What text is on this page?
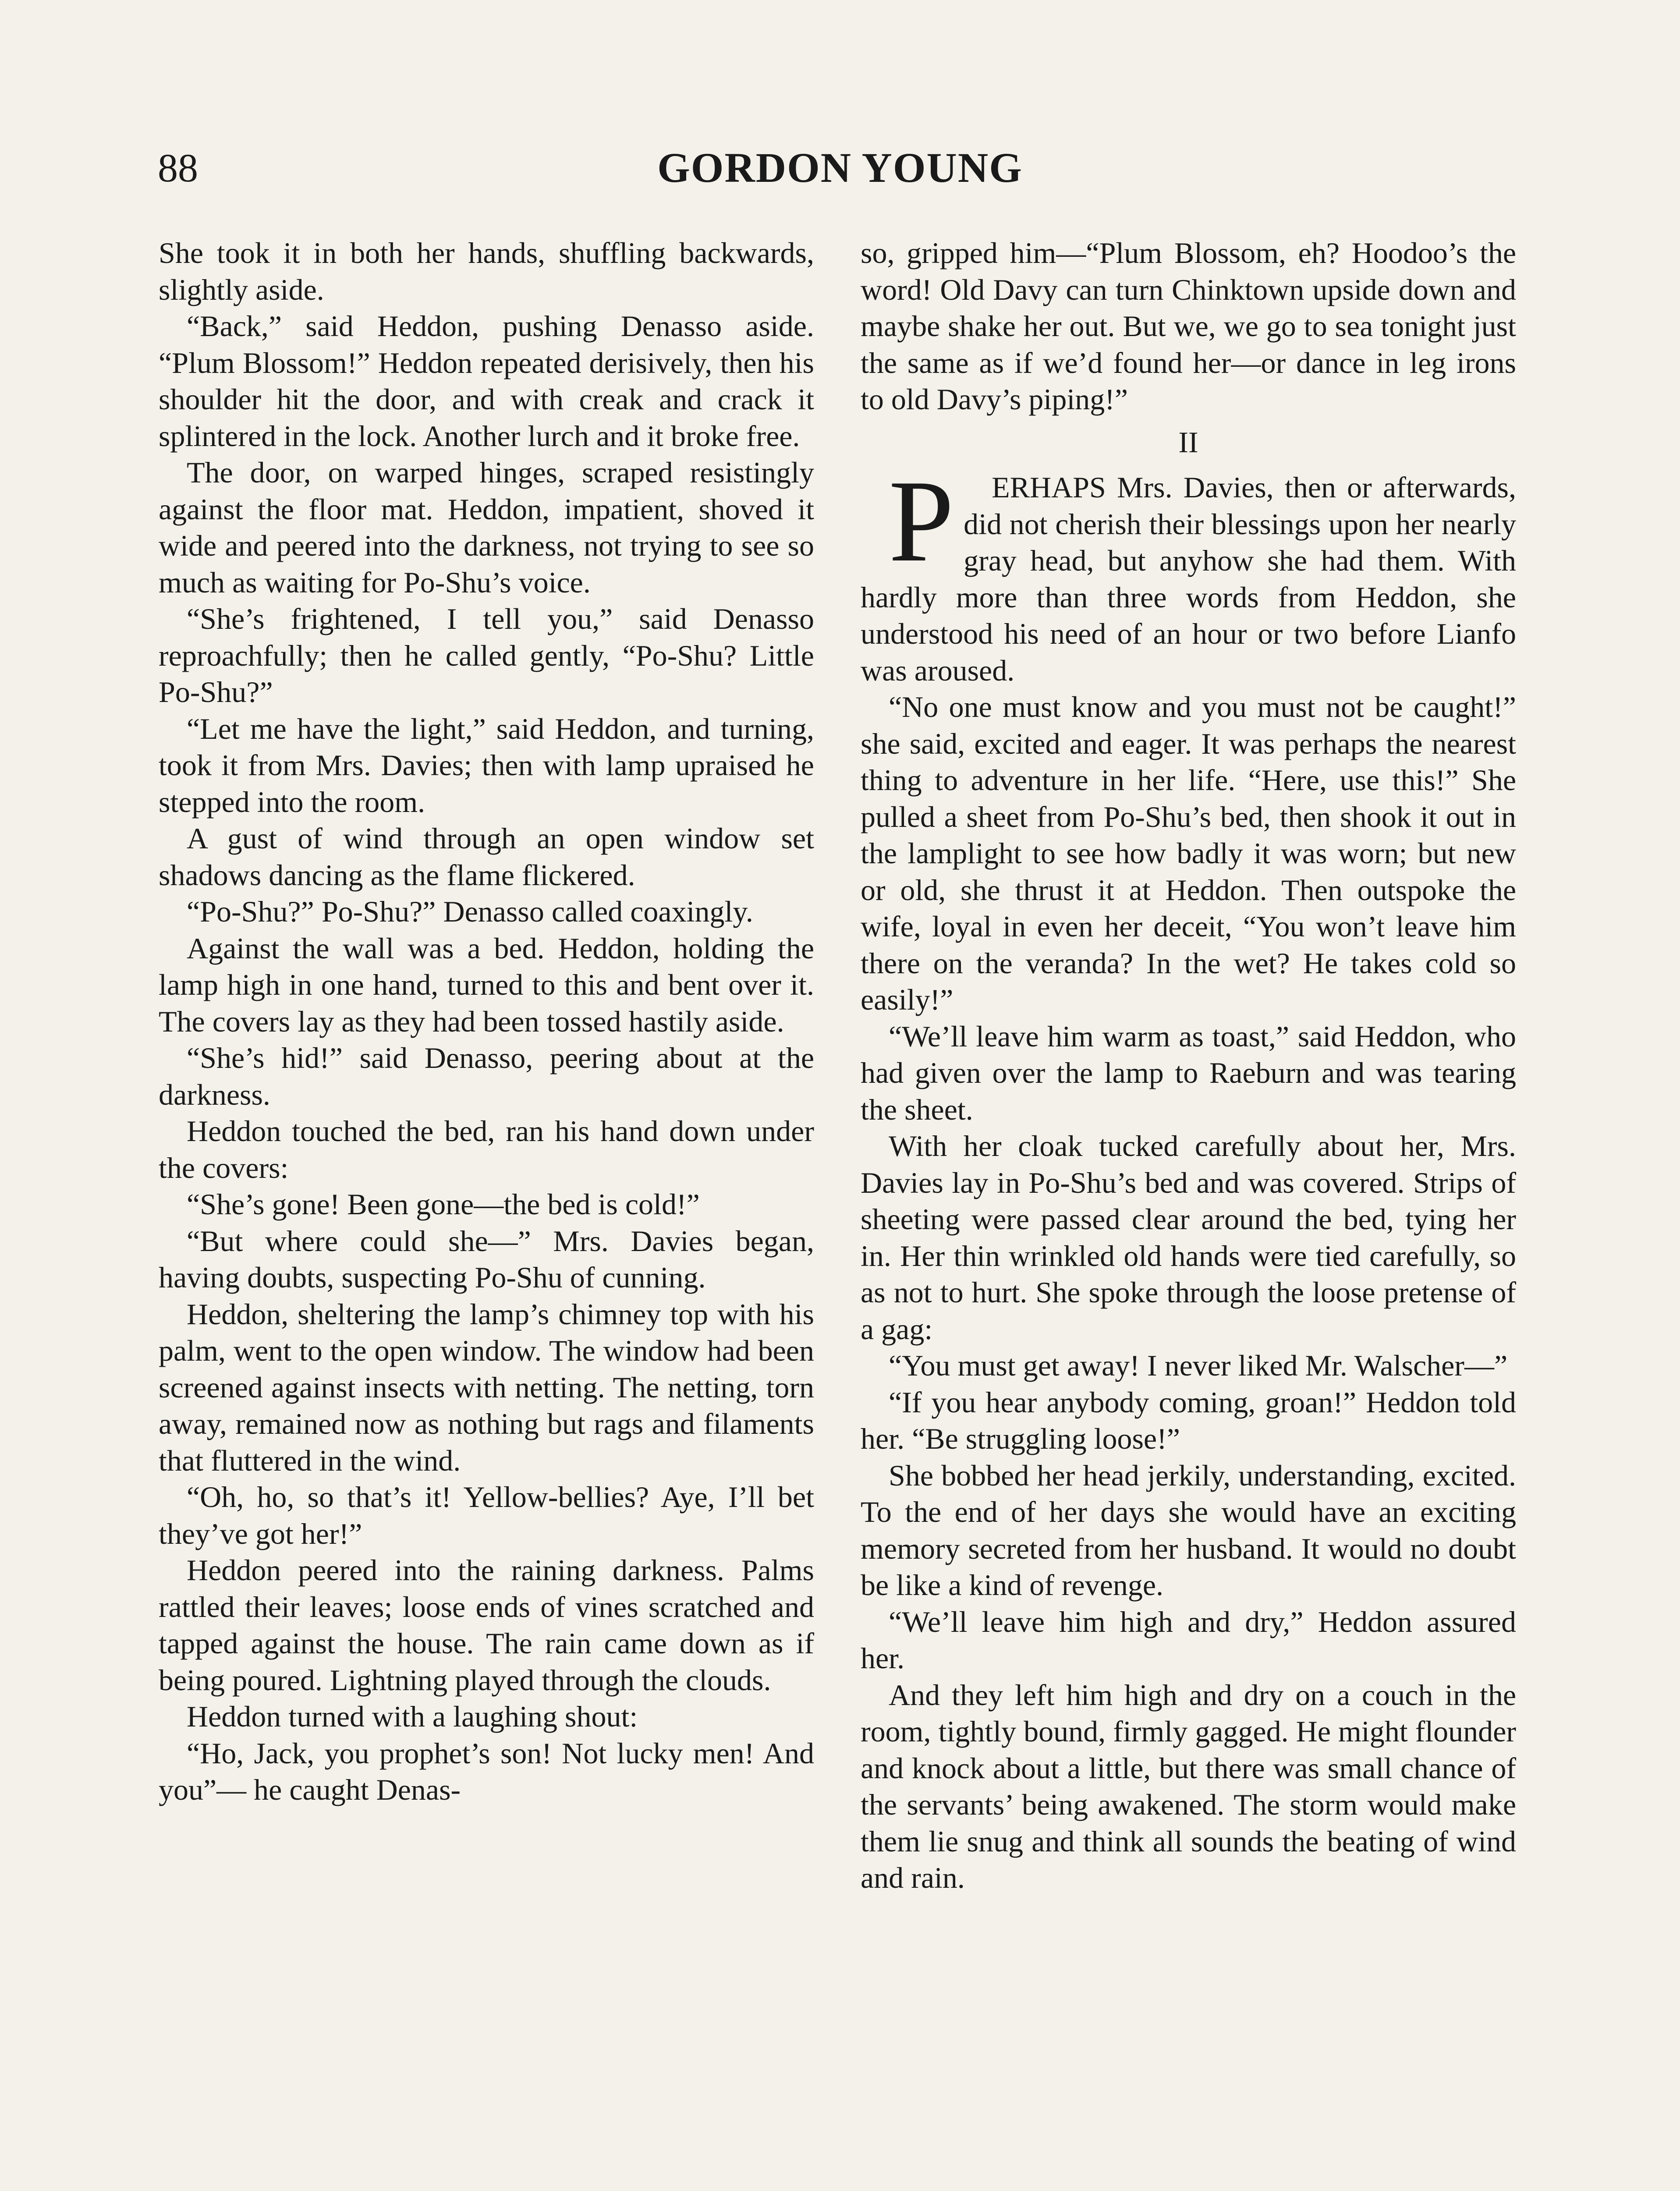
88	GORDON YOUNG

She took it in both her hands, shuffling backwards, slightly aside.

“Back,” said Heddon, pushing Denasso aside. “Plum Blossom!” Heddon repeated derisively, then his shoulder hit the door, and with creak and crack it splintered in the lock. Another lurch and it broke free.

The door, on warped hinges, scraped resistingly against the floor mat. Heddon, impatient, shoved it wide and peered into the darkness, not trying to see so much as waiting for Po-Shu’s voice.

“She’s frightened, I tell you,” said Denasso reproachfully; then he called gently, “Po-Shu? Little Po-Shu?”

“Let me have the light,” said Heddon, and turning, took it from Mrs. Davies; then with lamp upraised he stepped into the room.

A gust of wind through an open window set shadows dancing as the flame flickered.

“Po-Shu?” Po-Shu?” Denasso called coaxingly.

Against the wall was a bed. Heddon, holding the lamp high in one hand, turned to this and bent over it. The covers lay as they had been tossed hastily aside.

“She’s hid!” said Denasso, peering about at the darkness.

Heddon touched the bed, ran his hand down under the covers:

“She’s gone! Been gone—the bed is cold!”

“But where could she—” Mrs. Davies began, having doubts, suspecting Po-Shu of cunning.

Heddon, sheltering the lamp’s chimney top with his palm, went to the open window. The window had been screened against insects with netting. The netting, torn away, remained now as nothing but rags and filaments that fluttered in the wind.

“Oh, ho, so that’s it! Yellow-bellies? Aye, I’ll bet they’ve got her!”

Heddon peered into the raining darkness. Palms rattled their leaves; loose ends of vines scratched and tapped against the house. The rain came down as if being poured. Lightning played through the clouds.

Heddon turned with a laughing shout:

“Ho, Jack, you prophet’s son! Not lucky men! And you”— he caught Denas-

so, gripped him—“Plum Blossom, eh? Hoodoo’s the word! Old Davy can turn Chinktown upside down and maybe shake her out. But we, we go to sea tonight just the same as if we’d found her—or dance in leg irons to old Davy’s piping!”

II

P ERHAPS Mrs. Davies, then or afterwards, did not cherish their blessings upon her nearly gray head, but anyhow she had them. With hardly more than three words from Heddon, she understood his need of an hour or two before Lianfo was aroused.

“No one must know and you must not be caught!” she said, excited and eager. It was perhaps the nearest thing to adventure in her life. “Here, use this!” She pulled a sheet from Po-Shu’s bed, then shook it out in the lamplight to see how badly it was worn; but new or old, she thrust it at Heddon. Then outspoke the wife, loyal in even her deceit, “You won’t leave him there on the veranda? In the wet? He takes cold so easily!”

“We’ll leave him warm as toast,” said Heddon, who had given over the lamp to Raeburn and was tearing the sheet.

With her cloak tucked carefully about her, Mrs. Davies lay in Po-Shu’s bed and was covered. Strips of sheeting were passed clear around the bed, tying her in. Her thin wrinkled old hands were tied carefully, so as not to hurt. She spoke through the loose pretense of a gag:

“You must get away! I never liked Mr. Walscher—”

“If you hear anybody coming, groan!” Heddon told her. “Be struggling loose!”

She bobbed her head jerkily, understanding, excited. To the end of her days she would have an exciting memory secreted from her husband. It would no doubt be like a kind of revenge.

“We’ll leave him high and dry,” Heddon assured her.

And they left him high and dry on a couch in the room, tightly bound, firmly gagged. He might flounder and knock about a little, but there was small chance of the servants’ being awakened. The storm would make them lie snug and think all sounds the beating of wind and rain.
